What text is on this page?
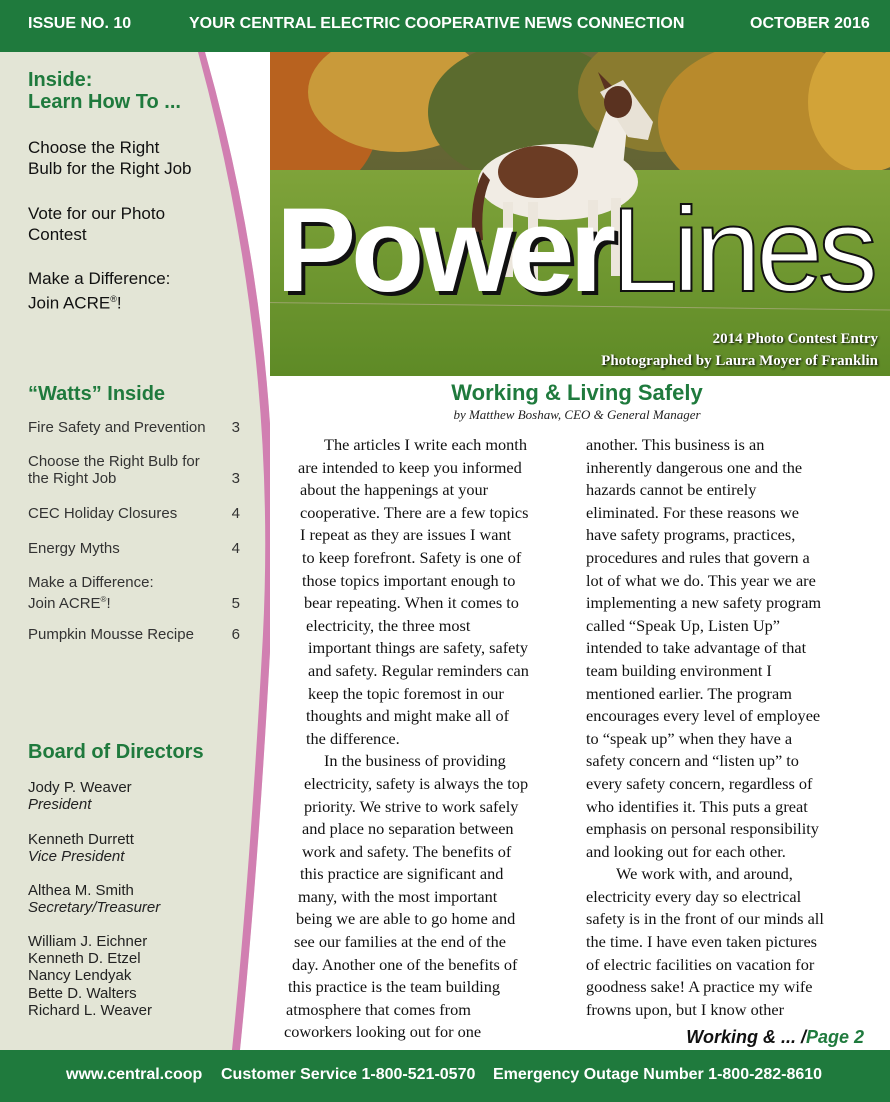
ISSUE NO. 10	YOUR CENTRAL ELECTRIC COOPERATIVE NEWS CONNECTION	OCTOBER 2016
PowerLines
2014 Photo Contest Entry
Photographed by Laura Moyer of Franklin
Inside:
Learn How To ...
Choose the Right
Bulb for the Right Job
Vote for our Photo
Contest
Make a Difference:
Join ACRE®!
“Watts” Inside
Fire Safety and Prevention 3
Choose the Right Bulb for
the Right Job	3
CEC Holiday Closures	4
Energy Myths	4
Make a Difference:
Join ACRE®!	5
Pumpkin Mousse Recipe	6
Board of Directors
Jody P. Weaver
President
Kenneth Durrett
Vice President
Althea M. Smith
Secretary/Treasurer
William J. Eichner
Kenneth D. Etzel
Nancy Lendyak
Bette D. Walters
Richard L. Weaver
Working & Living Safely
by Matthew Boshaw, CEO & General Manager
The articles I write each month
are intended to keep you informed
about the happenings at your
cooperative. There are a few topics
I repeat as they are issues I want
to keep forefront. Safety is one of
those topics important enough to
bear repeating. When it comes to
electricity, the three most
important things are safety, safety
and safety. Regular reminders can
keep the topic foremost in our
thoughts and might make all of
the difference.
In the business of providing
electricity, safety is always the top
priority. We strive to work safely
and place no separation between
work and safety. The benefits of
this practice are significant and
many, with the most important
being we are able to go home and
see our families at the end of the
day. Another one of the benefits of
this practice is the team building
atmosphere that comes from
coworkers looking out for one
another. This business is an
inherently dangerous one and the
hazards cannot be entirely
eliminated. For these reasons we
have safety programs, practices,
procedures and rules that govern a
lot of what we do. This year we are
implementing a new safety program
called “Speak Up, Listen Up”
intended to take advantage of that
team building environment I
mentioned earlier. The program
encourages every level of employee
to “speak up” when they have a
safety concern and “listen up” to
every safety concern, regardless of
who identifies it. This puts a great
emphasis on personal responsibility
and looking out for each other.
We work with, and around,
electricity every day so electrical
safety is in the front of our minds all
the time. I have even taken pictures
of electric facilities on vacation for
goodness sake! A practice my wife
frowns upon, but I know other
Working & ... /Page 2
www.central.coop Customer Service 1-800-521-0570 Emergency Outage Number 1-800-282-8610
